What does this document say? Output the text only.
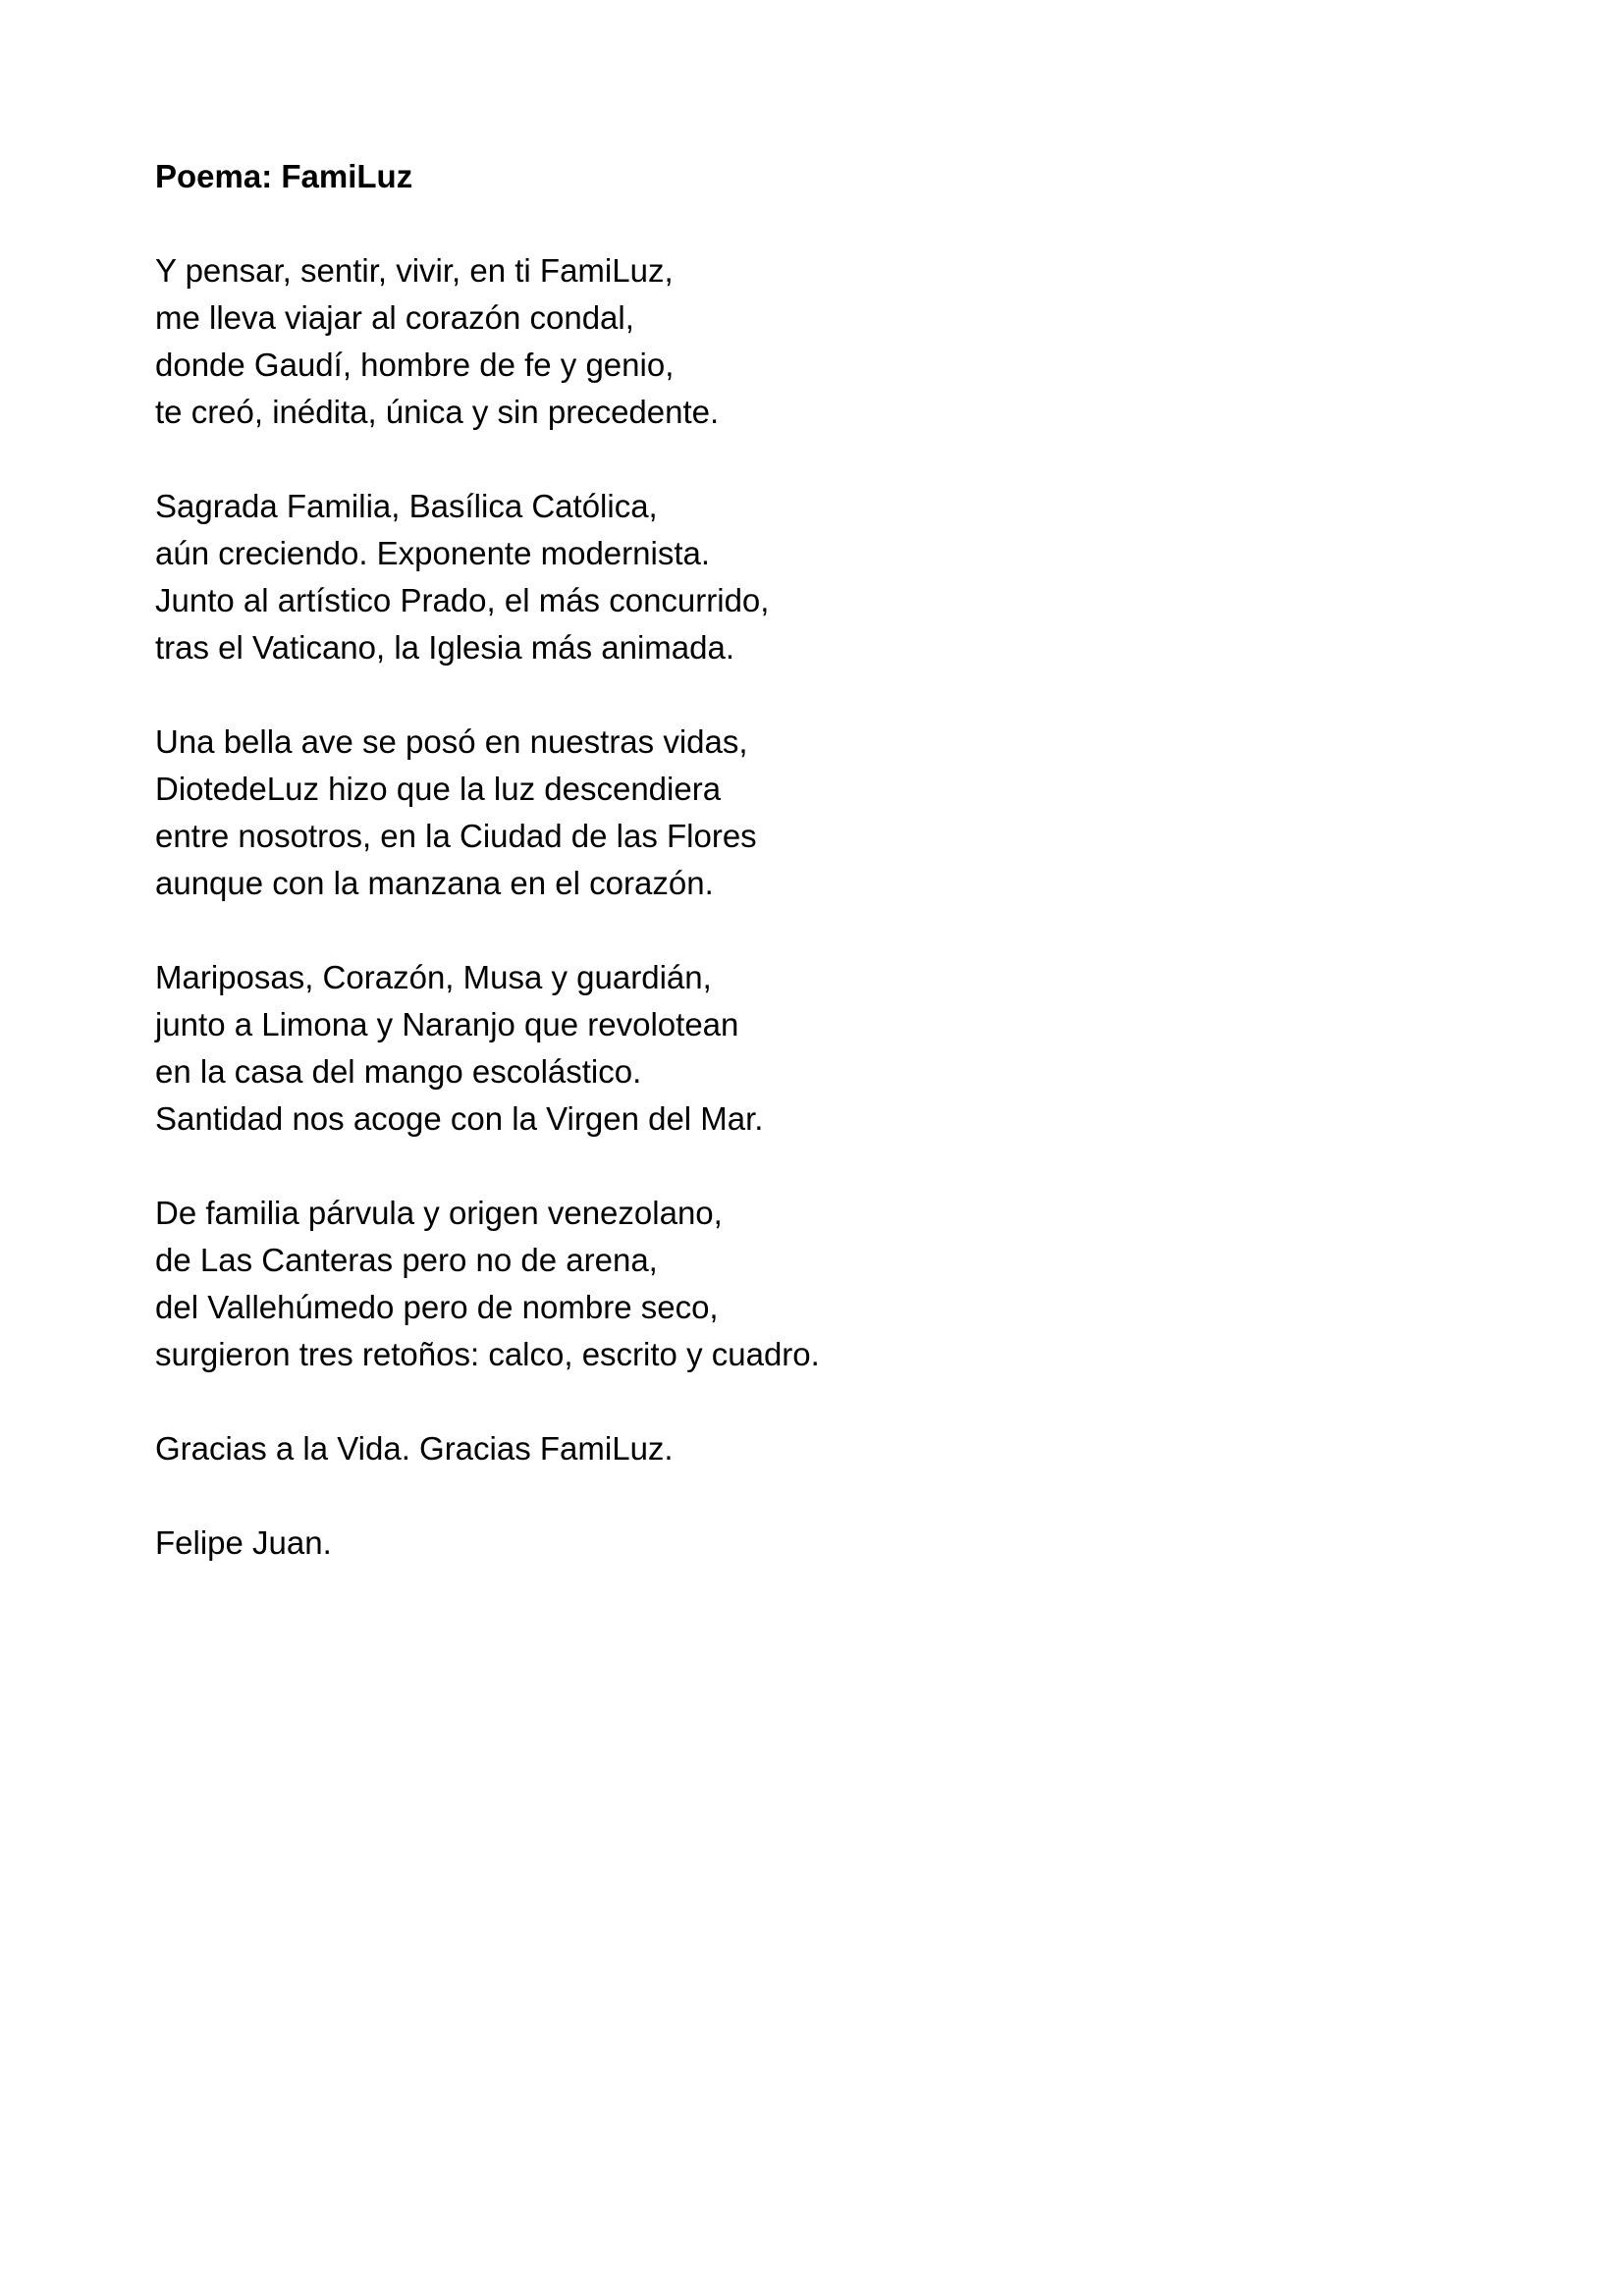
Poema: FamiLuz
Y pensar, sentir, vivir, en ti FamiLuz,
me lleva viajar al corazón condal,
donde Gaudí, hombre de fe y genio,
te creó, inédita, única y sin precedente.
Sagrada Familia, Basílica Católica,
aún creciendo. Exponente modernista.
Junto al artístico Prado, el más concurrido,
tras el Vaticano, la Iglesia más animada.
Una bella ave se posó en nuestras vidas,
DiotedeLuz hizo que la luz descendiera
entre nosotros, en la Ciudad de las Flores
aunque con la manzana en el corazón.
Mariposas, Corazón, Musa y guardián,
junto a Limona y Naranjo que revolotean
en la casa del mango escolástico.
Santidad nos acoge con la Virgen del Mar.
De familia párvula y origen venezolano,
de Las Canteras pero no de arena,
del Vallehúmedo pero de nombre seco,
surgieron tres retoños: calco, escrito y cuadro.
Gracias a la Vida. Gracias FamiLuz.
Felipe Juan.
